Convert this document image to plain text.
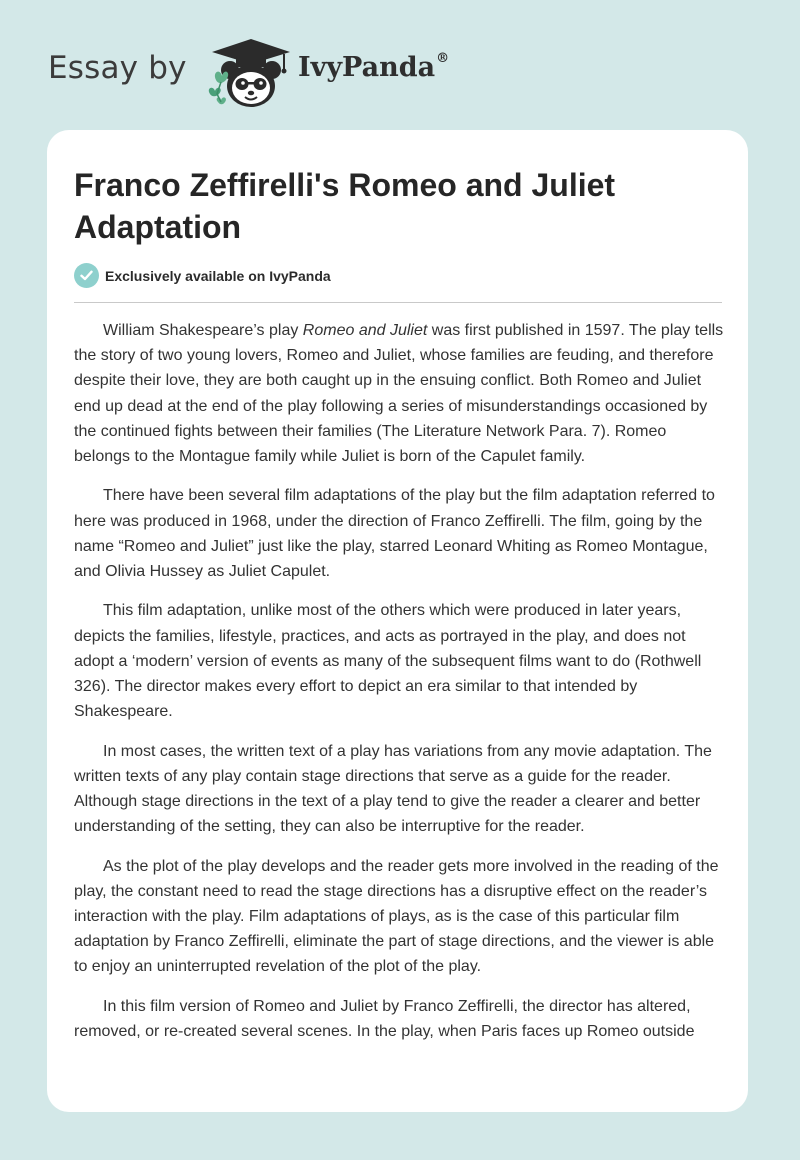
Essay by	IvyPanda®
Franco Zeffirelli's Romeo and Juliet Adaptation
Exclusively available on IvyPanda

William Shakespeare’s play Romeo and Juliet was first published in 1597. The play tells the story of two young lovers, Romeo and Juliet, whose families are feuding, and therefore despite their love, they are both caught up in the ensuing conflict. Both Romeo and Juliet end up dead at the end of the play following a series of misunderstandings occasioned by the continued fights between their families (The Literature Network Para. 7). Romeo belongs to the Montague family while Juliet is born of the Capulet family.

There have been several film adaptations of the play but the film adaptation referred to here was produced in 1968, under the direction of Franco Zeffirelli. The film, going by the name “Romeo and Juliet” just like the play, starred Leonard Whiting as Romeo Montague, and Olivia Hussey as Juliet Capulet.

This film adaptation, unlike most of the others which were produced in later years, depicts the families, lifestyle, practices, and acts as portrayed in the play, and does not adopt a ‘modern’ version of events as many of the subsequent films want to do (Rothwell 326). The director makes every effort to depict an era similar to that intended by Shakespeare.

In most cases, the written text of a play has variations from any movie adaptation. The written texts of any play contain stage directions that serve as a guide for the reader. Although stage directions in the text of a play tend to give the reader a clearer and better understanding of the setting, they can also be interruptive for the reader.

As the plot of the play develops and the reader gets more involved in the reading of the play, the constant need to read the stage directions has a disruptive effect on the reader’s interaction with the play. Film adaptations of plays, as is the case of this particular film adaptation by Franco Zeffirelli, eliminate the part of stage directions, and the viewer is able to enjoy an uninterrupted revelation of the plot of the play.

In this film version of Romeo and Juliet by Franco Zeffirelli, the director has altered, removed, or re-created several scenes. In the play, when Paris faces up Romeo outside
